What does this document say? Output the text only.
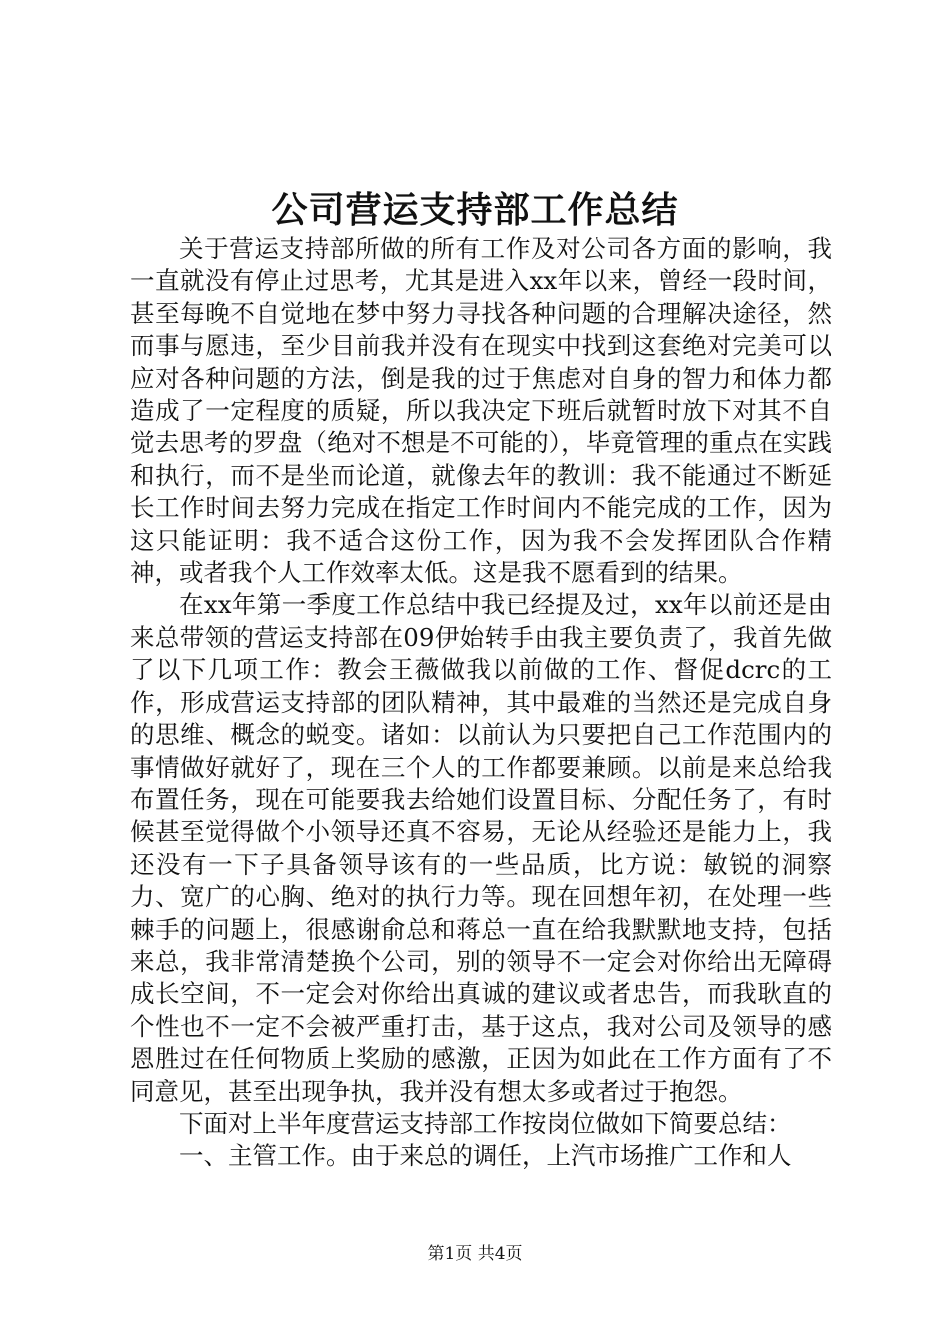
公司营运支持部工作总结

关于营运支持部所做的所有工作及对公司各方面的影响，我一直就没有停止过思考，尤其是进入xx年以来，曾经一段时间，甚至每晚不自觉地在梦中努力寻找各种问题的合理解决途径，然而事与愿违，至少目前我并没有在现实中找到这套绝对完美可以应对各种问题的方法，倒是我的过于焦虑对自身的智力和体力都造成了一定程度的质疑，所以我决定下班后就暂时放下对其不自觉去思考的罗盘（绝对不想是不可能的），毕竟管理的重点在实践和执行，而不是坐而论道，就像去年的教训：我不能通过不断延长工作时间去努力完成在指定工作时间内不能完成的工作，因为这只能证明：我不适合这份工作，因为我不会发挥团队合作精神，或者我个人工作效率太低。这是我不愿看到的结果。

在xx年第一季度工作总结中我已经提及过，xx年以前还是由来总带领的营运支持部在09伊始转手由我主要负责了，我首先做了以下几项工作：教会王薇做我以前做的工作、督促dcrc的工作，形成营运支持部的团队精神，其中最难的当然还是完成自身的思维、概念的蜕变。诸如：以前认为只要把自己工作范围内的事情做好就好了，现在三个人的工作都要兼顾。以前是来总给我布置任务，现在可能要我去给她们设置目标、分配任务了，有时候甚至觉得做个小领导还真不容易，无论从经验还是能力上，我还没有一下子具备领导该有的一些品质，比方说：敏锐的洞察力、宽广的心胸、绝对的执行力等。现在回想年初，在处理一些棘手的问题上，很感谢俞总和蒋总一直在给我默默地支持，包括来总，我非常清楚换个公司，别的领导不一定会对你给出无障碍成长空间，不一定会对你给出真诚的建议或者忠告，而我耿直的个性也不一定不会被严重打击，基于这点，我对公司及领导的感恩胜过在任何物质上奖励的感激，正因为如此在工作方面有了不同意见，甚至出现争执，我并没有想太多或者过于抱怨。

下面对上半年度营运支持部工作按岗位做如下简要总结：

一、主管工作。由于来总的调任，上汽市场推广工作和人

第1页 共4页
